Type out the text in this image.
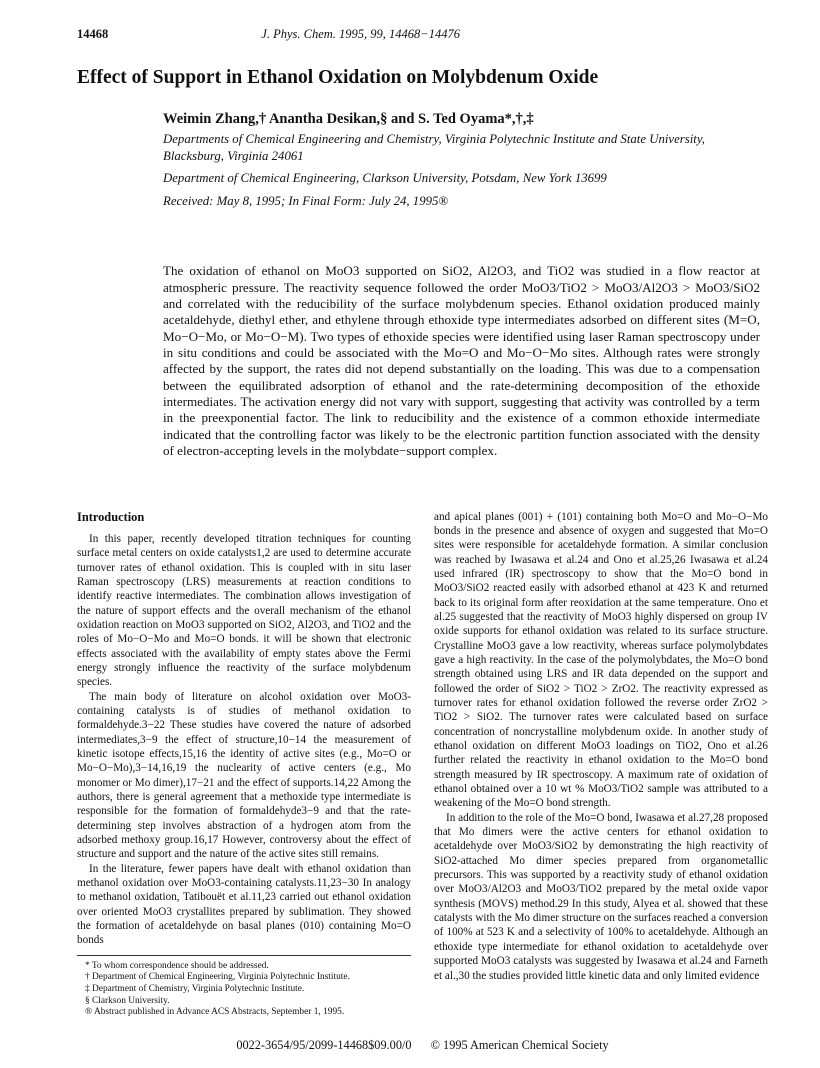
14468	J. Phys. Chem. 1995, 99, 14468−14476
Effect of Support in Ethanol Oxidation on Molybdenum Oxide
Weimin Zhang,† Anantha Desikan,§ and S. Ted Oyama*,†,‡
Departments of Chemical Engineering and Chemistry, Virginia Polytechnic Institute and State University, Blacksburg, Virginia 24061
Department of Chemical Engineering, Clarkson University, Potsdam, New York 13699
Received: May 8, 1995; In Final Form: July 24, 1995®
The oxidation of ethanol on MoO3 supported on SiO2, Al2O3, and TiO2 was studied in a flow reactor at atmospheric pressure. The reactivity sequence followed the order MoO3/TiO2 > MoO3/Al2O3 > MoO3/SiO2 and correlated with the reducibility of the surface molybdenum species. Ethanol oxidation produced mainly acetaldehyde, diethyl ether, and ethylene through ethoxide type intermediates adsorbed on different sites (M=O, Mo−O−Mo, or Mo−O−M). Two types of ethoxide species were identified using laser Raman spectroscopy under in situ conditions and could be associated with the Mo=O and Mo−O−Mo sites. Although rates were strongly affected by the support, the rates did not depend substantially on the loading. This was due to a compensation between the equilibrated adsorption of ethanol and the rate-determining decomposition of the ethoxide intermediates. The activation energy did not vary with support, suggesting that activity was controlled by a term in the preexponential factor. The link to reducibility and the existence of a common ethoxide intermediate indicated that the controlling factor was likely to be the electronic partition function associated with the density of electron-accepting levels in the molybdate−support complex.
Introduction

In this paper, recently developed titration techniques for counting surface metal centers on oxide catalysts1,2 are used to determine accurate turnover rates of ethanol oxidation. This is coupled with in situ laser Raman spectroscopy (LRS) measurements at reaction conditions to identify reactive intermediates. The combination allows investigation of the nature of support effects and the overall mechanism of the ethanol oxidation reaction on MoO3 supported on SiO2, Al2O3, and TiO2 and the roles of Mo−O−Mo and Mo=O bonds. it will be shown that electronic effects associated with the availability of empty states above the Fermi energy strongly influence the reactivity of the surface molybdenum species.

The main body of literature on alcohol oxidation over MoO3-containing catalysts is of studies of methanol oxidation to formaldehyde.3−22 These studies have covered the nature of adsorbed intermediates,3−9 the effect of structure,10−14 the measurement of kinetic isotope effects,15,16 the identity of active sites (e.g., Mo=O or Mo−O−Mo),3−14,16,19 the nuclearity of active centers (e.g., Mo monomer or Mo dimer),17−21 and the effect of supports.14,22 Among the authors, there is general agreement that a methoxide type intermediate is responsible for the formation of formaldehyde3−9 and that the rate-determining step involves abstraction of a hydrogen atom from the adsorbed methoxy group.16,17 However, controversy about the effect of structure and support and the nature of the active sites still remains.

In the literature, fewer papers have dealt with ethanol oxidation than methanol oxidation over MoO3-containing catalysts.11,23−30 In analogy to methanol oxidation, Tatibouët et al.11,23 carried out ethanol oxidation over oriented MoO3 crystallites prepared by sublimation. They showed the formation of acetaldehyde on basal planes (010) containing Mo=O bonds

* To whom correspondence should be addressed.
† Department of Chemical Engineering, Virginia Polytechnic Institute.
‡ Department of Chemistry, Virginia Polytechnic Institute.
§ Clarkson University.
® Abstract published in Advance ACS Abstracts, September 1, 1995.

and apical planes (001) + (101) containing both Mo=O and Mo−O−Mo bonds in the presence and absence of oxygen and suggested that Mo=O sites were responsible for acetaldehyde formation. A similar conclusion was reached by Iwasawa et al.24 and Ono et al.25,26 Iwasawa et al.24 used infrared (IR) spectroscopy to show that the Mo=O bond in MoO3/SiO2 reacted easily with adsorbed ethanol at 423 K and returned back to its original form after reoxidation at the same temperature. Ono et al.25 suggested that the reactivity of MoO3 highly dispersed on group IV oxide supports for ethanol oxidation was related to its surface structure. Crystalline MoO3 gave a low reactivity, whereas surface polymolybdates gave a high reactivity. In the case of the polymolybdates, the Mo=O bond strength obtained using LRS and IR data depended on the support and followed the order of SiO2 > TiO2 > ZrO2. The reactivity expressed as turnover rates for ethanol oxidation followed the reverse order ZrO2 > TiO2 > SiO2. The turnover rates were calculated based on surface concentration of noncrystalline molybdenum oxide. In another study of ethanol oxidation on different MoO3 loadings on TiO2, Ono et al.26 further related the reactivity in ethanol oxidation to the Mo=O bond strength measured by IR spectroscopy. A maximum rate of oxidation of ethanol obtained over a 10 wt % MoO3/TiO2 sample was attributed to a weakening of the Mo=O bond strength.

In addition to the role of the Mo=O bond, Iwasawa et al.27,28 proposed that Mo dimers were the active centers for ethanol oxidation to acetaldehyde over MoO3/SiO2 by demonstrating the high reactivity of SiO2-attached Mo dimer species prepared from organometallic precursors. This was supported by a reactivity study of ethanol oxidation over MoO3/Al2O3 and MoO3/TiO2 prepared by the metal oxide vapor synthesis (MOVS) method.29 In this study, Alyea et al. showed that these catalysts with the Mo dimer structure on the surfaces reached a conversion of 100% at 523 K and a selectivity of 100% to acetaldehyde. Although an ethoxide type intermediate for ethanol oxidation to acetaldehyde over supported MoO3 catalysts was suggested by Iwasawa et al.24 and Farneth et al.,30 the studies provided little kinetic data and only limited evidence

0022-3654/95/2099-14468$09.00/0 © 1995 American Chemical Society
